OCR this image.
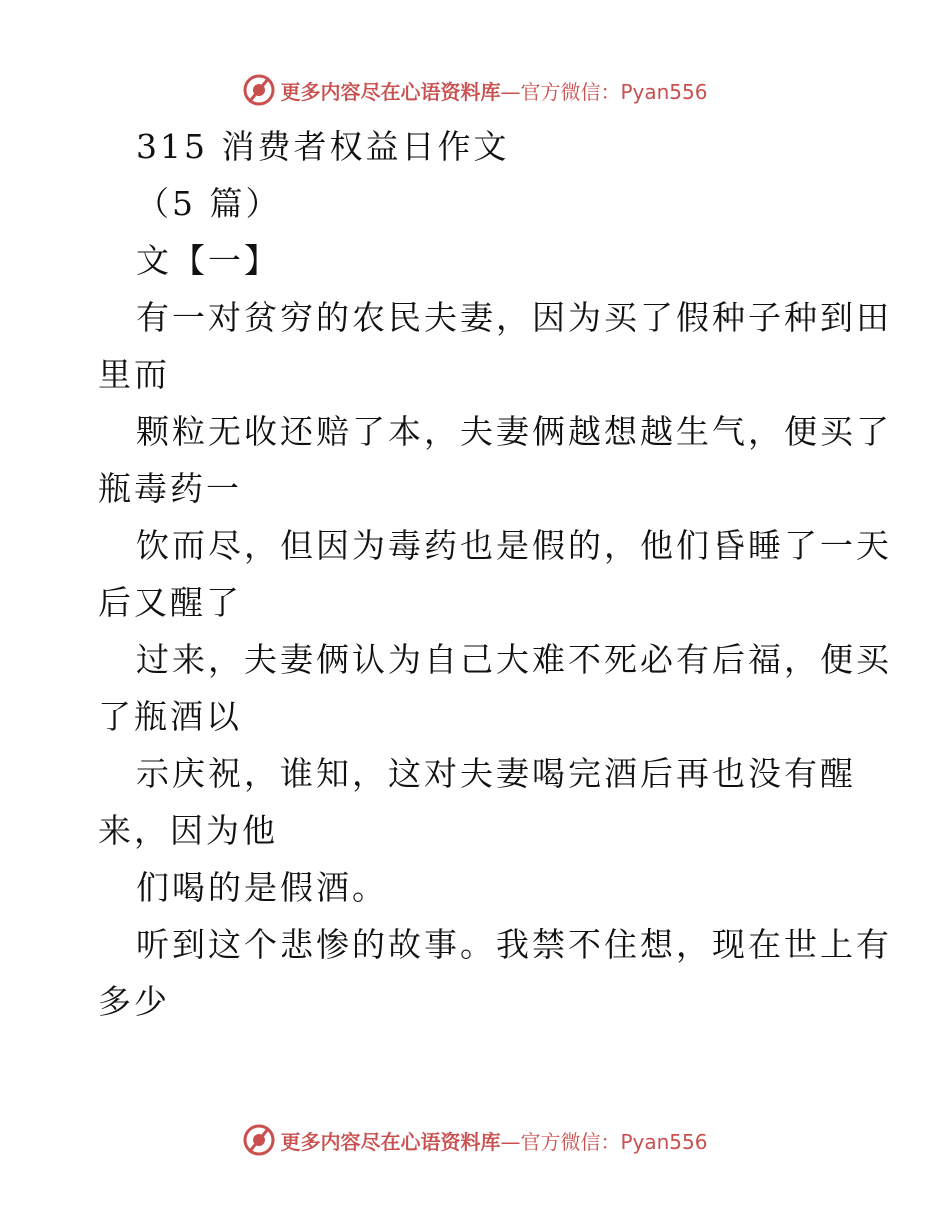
更多内容尽在心语资料库—官方微信：Pyan556
315 消费者权益日作文
（5 篇）
文【一】
有一对贫穷的农民夫妻，因为买了假种子种到田
里而
颗粒无收还赔了本，夫妻俩越想越生气，便买了
瓶毒药一
饮而尽，但因为毒药也是假的，他们昏睡了一天
后又醒了
过来，夫妻俩认为自己大难不死必有后福，便买
了瓶酒以
示庆祝，谁知，这对夫妻喝完酒后再也没有醒
来，因为他
们喝的是假酒。
听到这个悲惨的故事。我禁不住想，现在世上有
多少
更多内容尽在心语资料库—官方微信：Pyan556
